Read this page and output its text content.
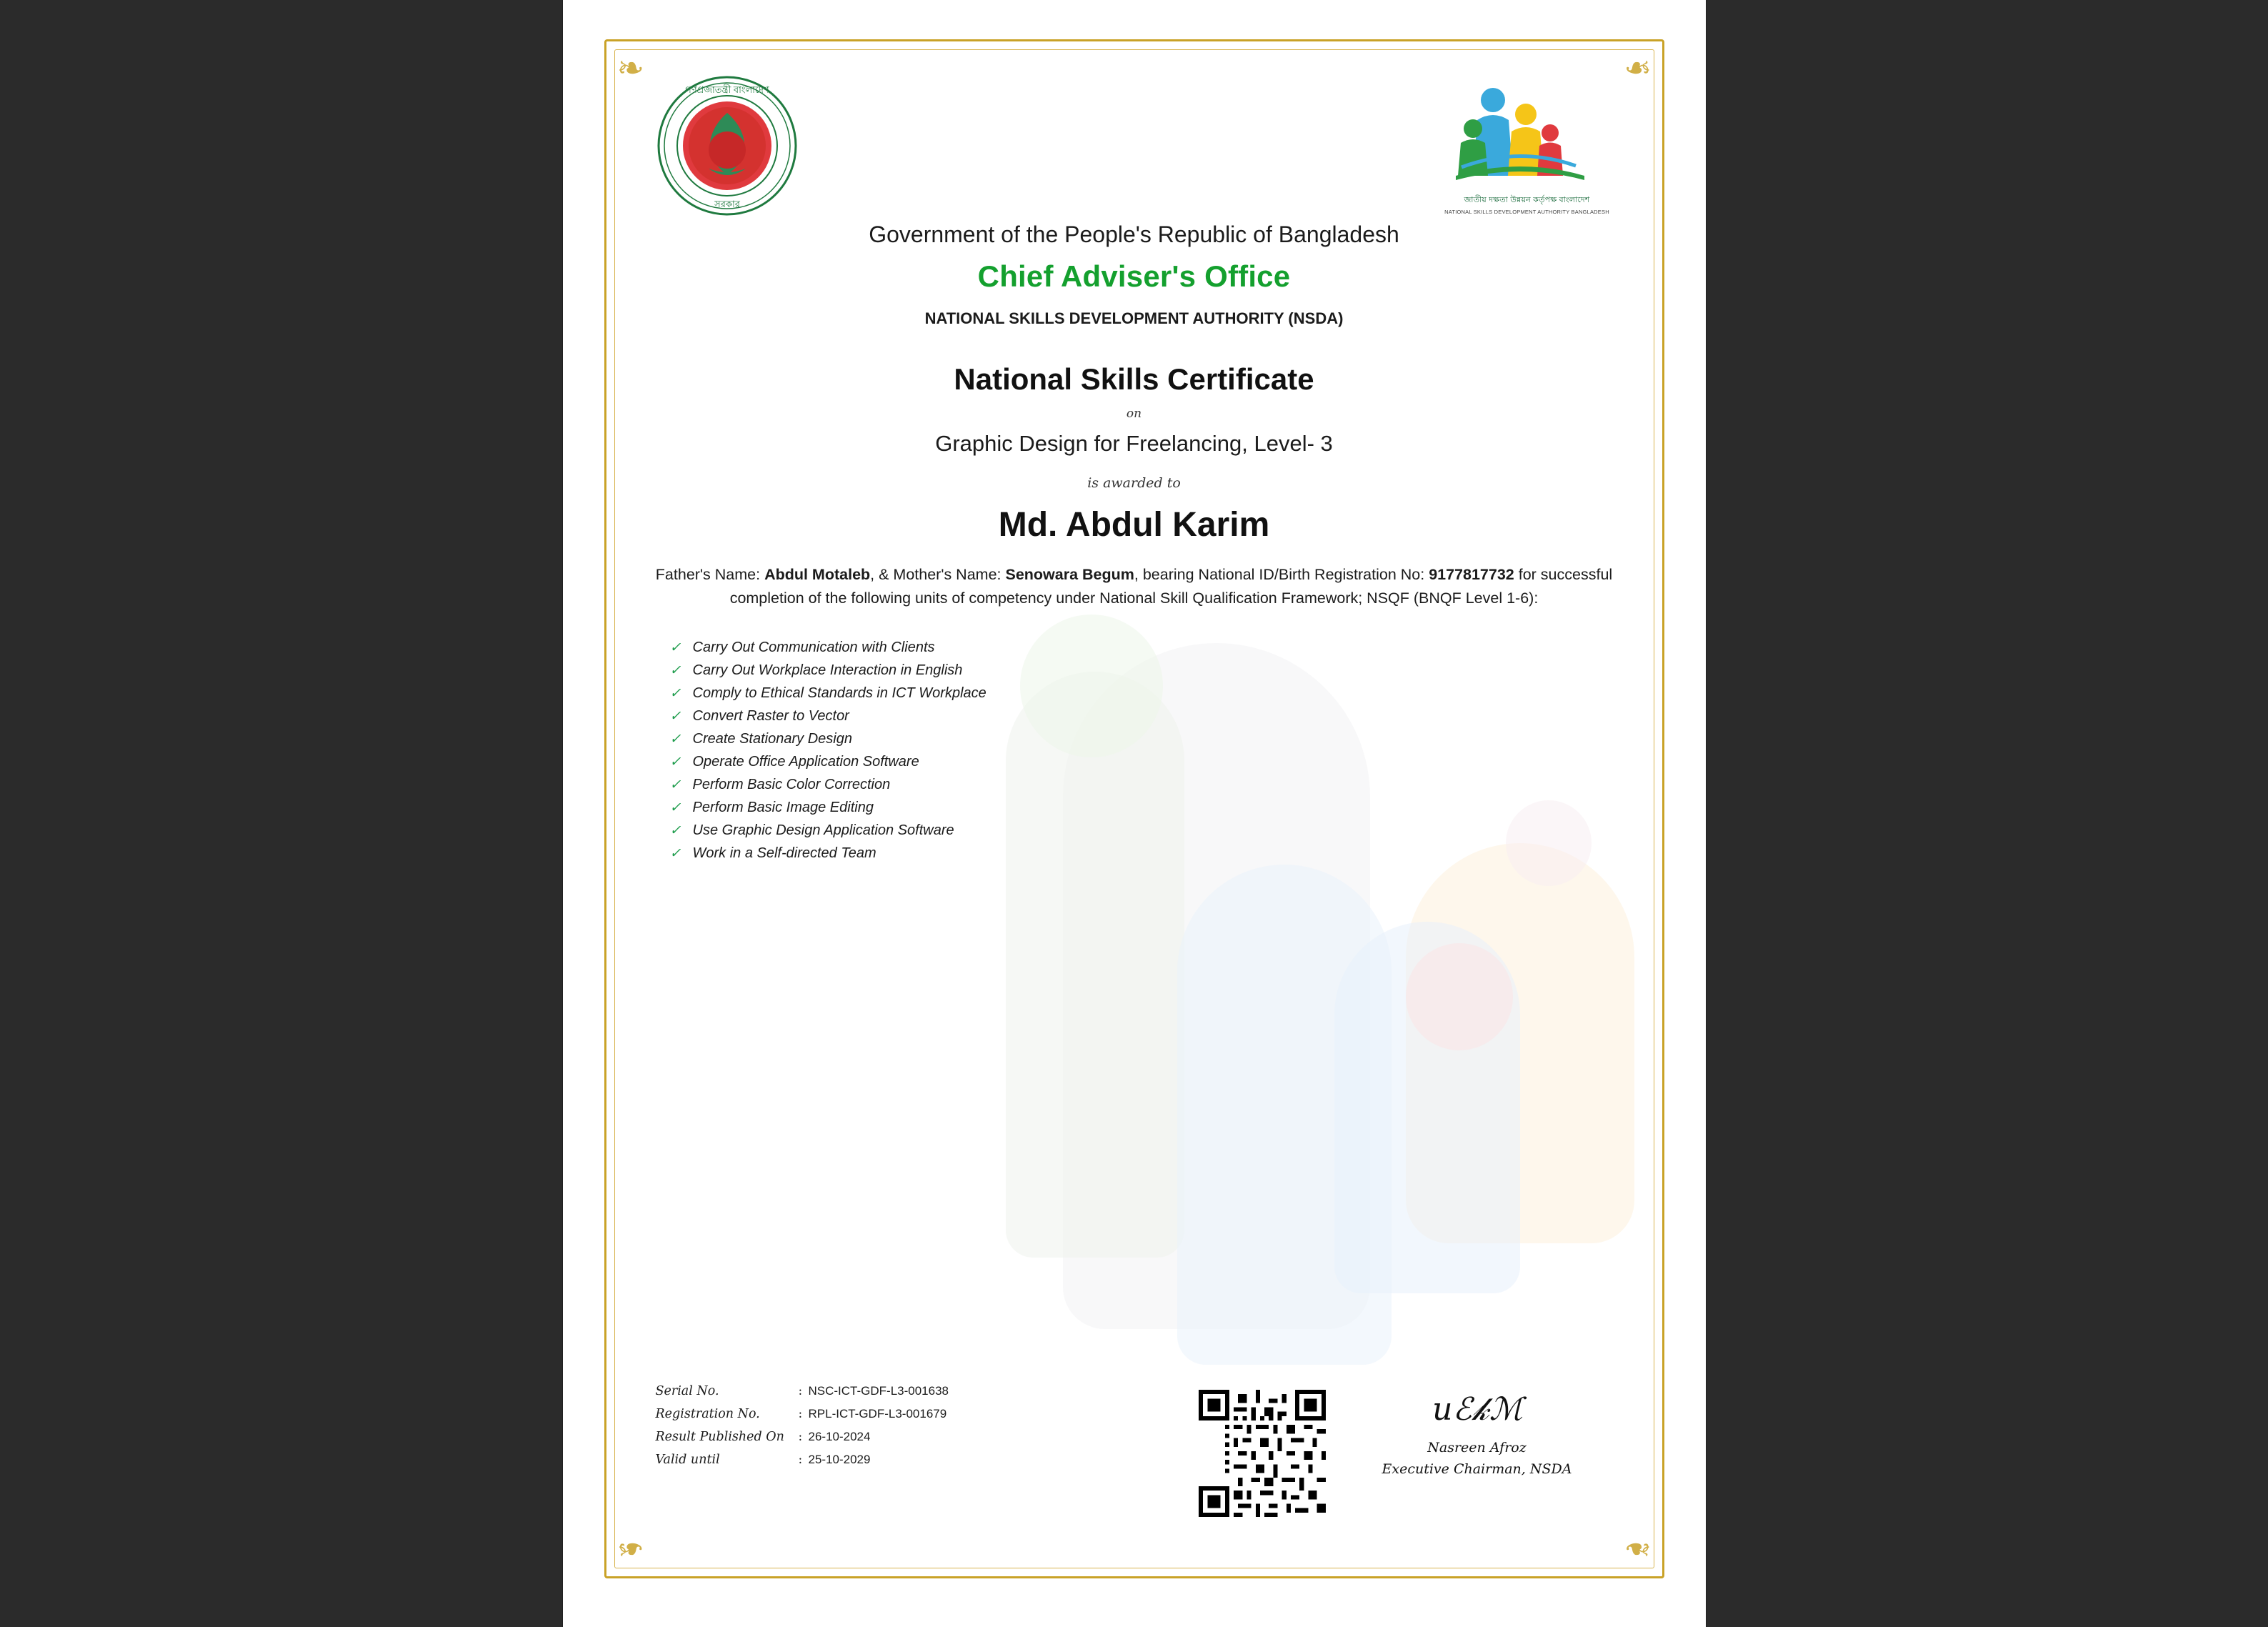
❧	❧
❧	❧
গণপ্রজাতন্ত্রী বাংলাদেশ
সরকার	জাতীয় দক্ষতা উন্নয়ন কর্তৃপক্ষ বাংলাদেশ
NATIONAL SKILLS DEVELOPMENT AUTHORITY BANGLADESH
Government of the People's Republic of Bangladesh
Chief Adviser's Office
NATIONAL SKILLS DEVELOPMENT AUTHORITY (NSDA)
National Skills Certificate
on
Graphic Design for Freelancing, Level- 3
is awarded to
Md. Abdul Karim
Father's Name: Abdul Motaleb, & Mother's Name: Senowara Begum, bearing National ID/Birth Registration No: 9177817732 for successful completion of the following units of competency under National Skill Qualification Framework; NSQF (BNQF Level 1-6):
✓ Carry Out Communication with Clients
✓ Carry Out Workplace Interaction in English
✓ Comply to Ethical Standards in ICT Workplace
✓ Convert Raster to Vector
✓ Create Stationary Design
✓ Operate Office Application Software
✓ Perform Basic Color Correction
✓ Perform Basic Image Editing
✓ Use Graphic Design Application Software
✓ Work in a Self-directed Team
Serial No.	: NSC-ICT-GDF-L3-001638
Registration No.	: RPL-ICT-GDF-L3-001679
Result Published On	: 26-10-2024
Valid until	: 25-10-2029
𝑢 ℰ 𝓀 ℳ
Nasreen Afroz
Executive Chairman, NSDA
